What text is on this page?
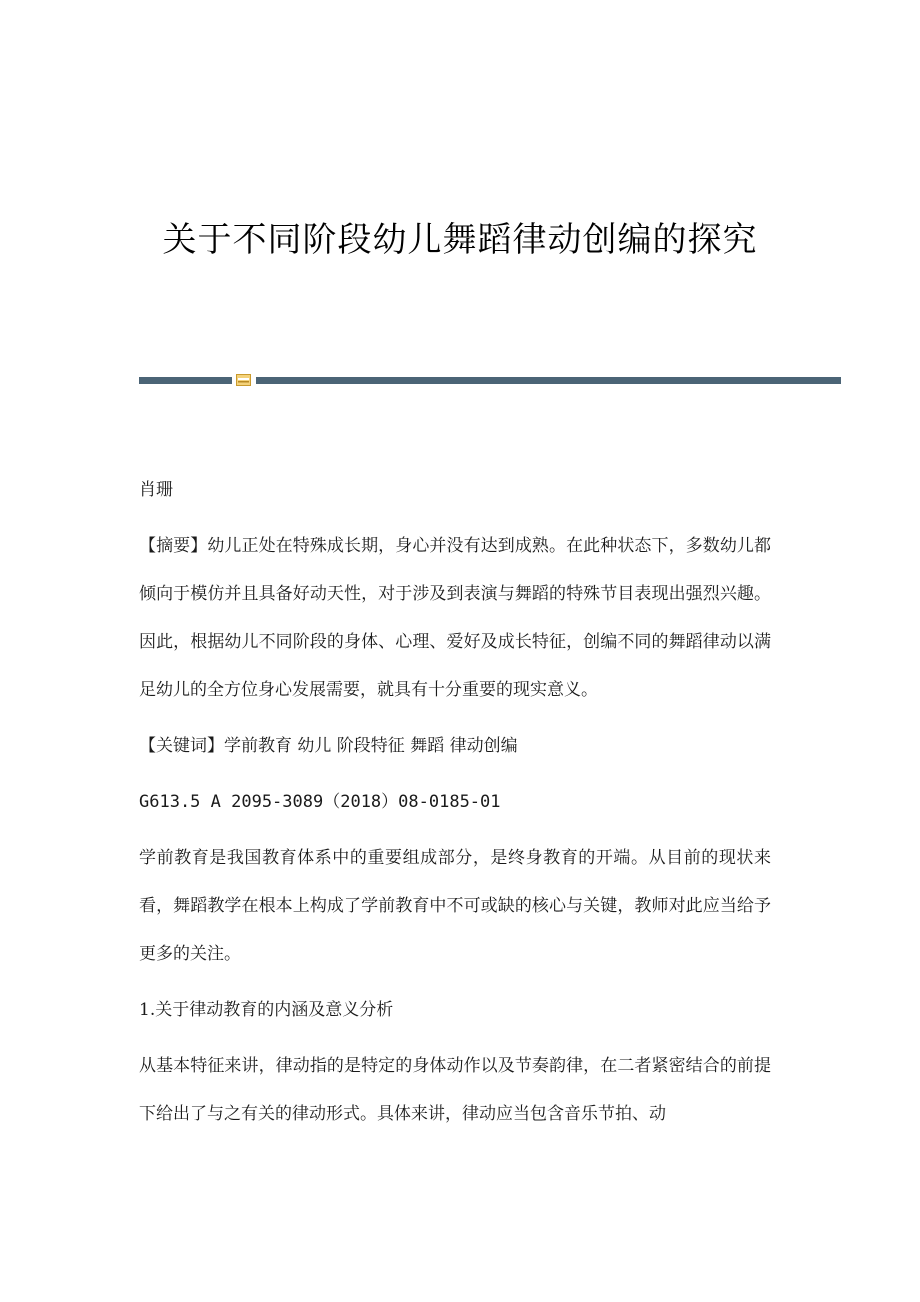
关于不同阶段幼儿舞蹈律动创编的探究

肖珊

【摘要】幼儿正处在特殊成长期，身心并没有达到成熟。在此种状态下，多数幼儿都倾向于模仿并且具备好动天性，对于涉及到表演与舞蹈的特殊节目表现出强烈兴趣。因此，根据幼儿不同阶段的身体、心理、爱好及成长特征，创编不同的舞蹈律动以满足幼儿的全方位身心发展需要，就具有十分重要的现实意义。

【关键词】学前教育 幼儿 阶段特征 舞蹈 律动创编

G613.5 A 2095-3089（2018）08-0185-01

学前教育是我国教育体系中的重要组成部分，是终身教育的开端。从目前的现状来看，舞蹈教学在根本上构成了学前教育中不可或缺的核心与关键，教师对此应当给予更多的关注。

1.关于律动教育的内涵及意义分析

从基本特征来讲，律动指的是特定的身体动作以及节奏韵律，在二者紧密结合的前提下给出了与之有关的律动形式。具体来讲，律动应当包含音乐节拍、动
